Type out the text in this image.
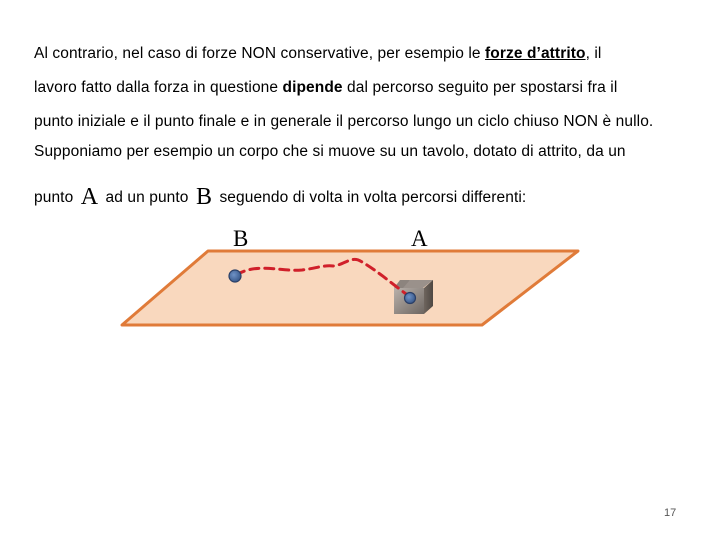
Al contrario, nel caso di forze NON conservative, per esempio le forze d’attrito, il
lavoro fatto dalla forza in questione dipende dal percorso seguito per spostarsi fra il
punto iniziale e il punto finale e in generale il percorso lungo un ciclo chiuso NON è nullo.
Supponiamo per esempio un corpo che si muove su un tavolo, dotato di attrito, da un
punto A ad un punto B seguendo di volta in volta percorsi differenti:
B	A
17
